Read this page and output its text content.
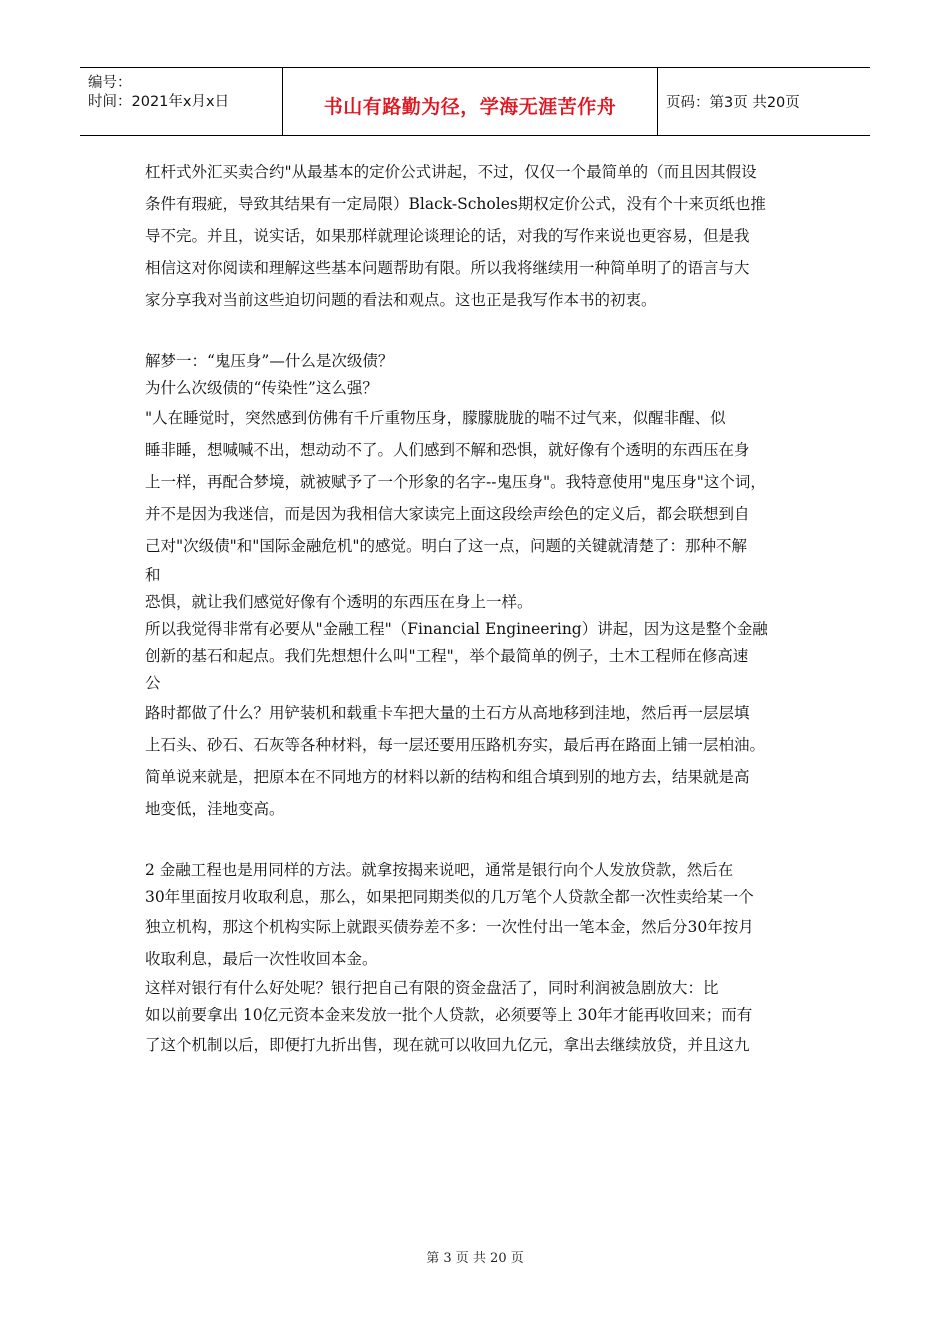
编号：
时间：2021年x月x日	书山有路勤为径，学海无涯苦作舟	页码：第3页 共20页
杠杆式外汇买卖合约"从最基本的定价公式讲起，不过，仅仅一个最简单的（而且因其假设
条件有瑕疵，导致其结果有一定局限）Black-Scholes期权定价公式，没有个十来页纸也推
导不完。并且，说实话，如果那样就理论谈理论的话，对我的写作来说也更容易，但是我
相信这对你阅读和理解这些基本问题帮助有限。所以我将继续用一种简单明了的语言与大
家分享我对当前这些迫切问题的看法和观点。这也正是我写作本书的初衷。
解梦一：“鬼压身”—什么是次级债？
为什么次级债的“传染性”这么强？
"人在睡觉时，突然感到仿佛有千斤重物压身，朦朦胧胧的喘不过气来，似醒非醒、似
睡非睡，想喊喊不出，想动动不了。人们感到不解和恐惧，就好像有个透明的东西压在身
上一样，再配合梦境，就被赋予了一个形象的名字--鬼压身"。我特意使用"鬼压身"这个词，
并不是因为我迷信，而是因为我相信大家读完上面这段绘声绘色的定义后，都会联想到自
己对"次级债"和"国际金融危机"的感觉。明白了这一点，问题的关键就清楚了：那种不解
和
恐惧，就让我们感觉好像有个透明的东西压在身上一样。
所以我觉得非常有必要从"金融工程"（Financial Engineering）讲起，因为这是整个金融
创新的基石和起点。我们先想想什么叫"工程"，举个最简单的例子，土木工程师在修高速
公
路时都做了什么？用铲装机和载重卡车把大量的土石方从高地移到洼地，然后再一层层填
上石头、砂石、石灰等各种材料，每一层还要用压路机夯实，最后再在路面上铺一层柏油。
简单说来就是，把原本在不同地方的材料以新的结构和组合填到别的地方去，结果就是高
地变低，洼地变高。
2 金融工程也是用同样的方法。就拿按揭来说吧，通常是银行向个人发放贷款，然后在
30年里面按月收取利息，那么，如果把同期类似的几万笔个人贷款全都一次性卖给某一个
独立机构，那这个机构实际上就跟买债券差不多：一次性付出一笔本金，然后分30年按月
收取利息，最后一次性收回本金。
这样对银行有什么好处呢？银行把自己有限的资金盘活了，同时利润被急剧放大：比
如以前要拿出 10亿元资本金来发放一批个人贷款，必须要等上 30年才能再收回来；而有
了这个机制以后，即便打九折出售，现在就可以收回九亿元，拿出去继续放贷，并且这九
第 3 页 共 20 页
